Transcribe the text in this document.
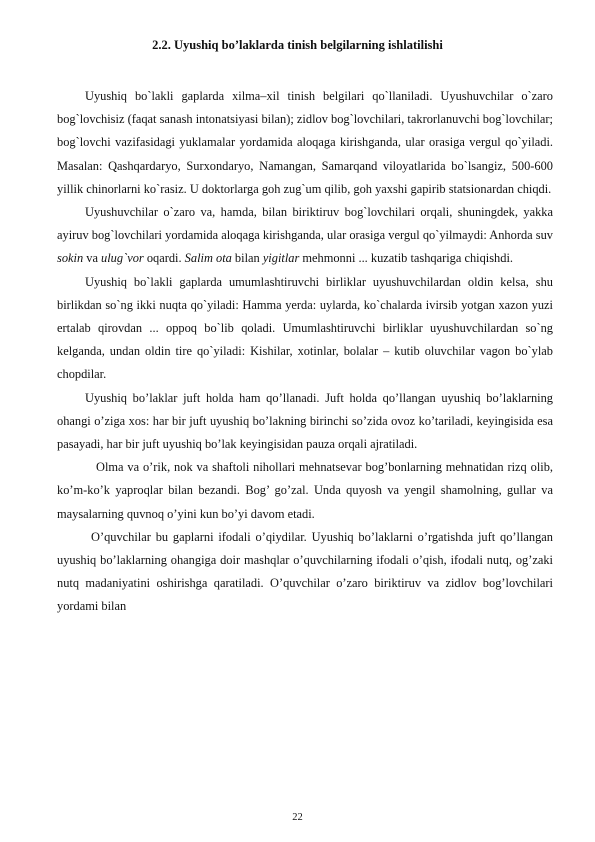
2.2. Uyushiq bo’laklarda tinish belgilarning ishlatilishi

Uyushiq bo`lakli gaplarda xilma–xil tinish belgilari qo`llaniladi. Uyushuvchilar o`zaro bog`lovchisiz (faqat sanash intonatsiyasi bilan); zidlov bog`lovchilari, takrorlanuvchi bog`lovchilar; bog`lovchi vazifasidagi yuklamalar yordamida aloqaga kirishganda, ular orasiga vergul qo`yiladi. Masalan: Qashqardaryo, Surxondaryo, Namangan, Samarqand viloyatlarida bo`lsangiz, 500-600 yillik chinorlarni ko`rasiz. U doktorlarga goh zug`um qilib, goh yaxshi gapirib statsionardan chiqdi.

Uyushuvchilar o`zaro va, hamda, bilan biriktiruv bog`lovchilari orqali, shuningdek, yakka ayiruv bog`lovchilari yordamida aloqaga kirishganda, ular orasiga vergul qo`yilmaydi: Anhorda suv sokin va ulug`vor oqardi. Salim ota bilan yigitlar mehmonni ... kuzatib tashqariga chiqishdi.

Uyushiq bo`lakli gaplarda umumlashtiruvchi birliklar uyushuvchilardan oldin kelsa, shu birlikdan so`ng ikki nuqta qo`yiladi: Hamma yerda: uylarda, ko`chalarda ivirsib yotgan xazon yuzi ertalab qirovdan ... oppoq bo`lib qoladi. Umumlashtiruvchi birliklar uyushuvchilardan so`ng kelganda, undan oldin tire qo`yiladi: Kishilar, xotinlar, bolalar – kutib oluvchilar vagon bo`ylab chopdilar.

Uyushiq bo’laklar juft holda ham qo’llanadi. Juft holda qo’llangan uyushiq bo’laklarning ohangi o’ziga xos: har bir juft uyushiq bo’lakning birinchi so’zida ovoz ko’tariladi, keyingisida esa pasayadi, har bir juft uyushiq bo’lak keyingisidan pauza orqali ajratiladi.

Olma va o’rik, nok va shaftoli nihollari mehnatsevar bog’bonlarning mehnatidan rizq olib, ko’m-ko’k yaproqlar bilan bezandi. Bog’ go’zal. Unda quyosh va yengil shamolning, gullar va maysalarning quvnoq o’yini kun bo’yi davom etadi.

O’quvchilar bu gaplarni ifodali o’qiydilar. Uyushiq bo’laklarni o’rgatishda juft qo’llangan uyushiq bo’laklarning ohangiga doir mashqlar o’quvchilarning ifodali o’qish, ifodali nutq, og’zaki nutq madaniyatini oshirishga qaratiladi. O’quvchilar o’zaro biriktiruv va zidlov bog’lovchilari yordami bilan

22
